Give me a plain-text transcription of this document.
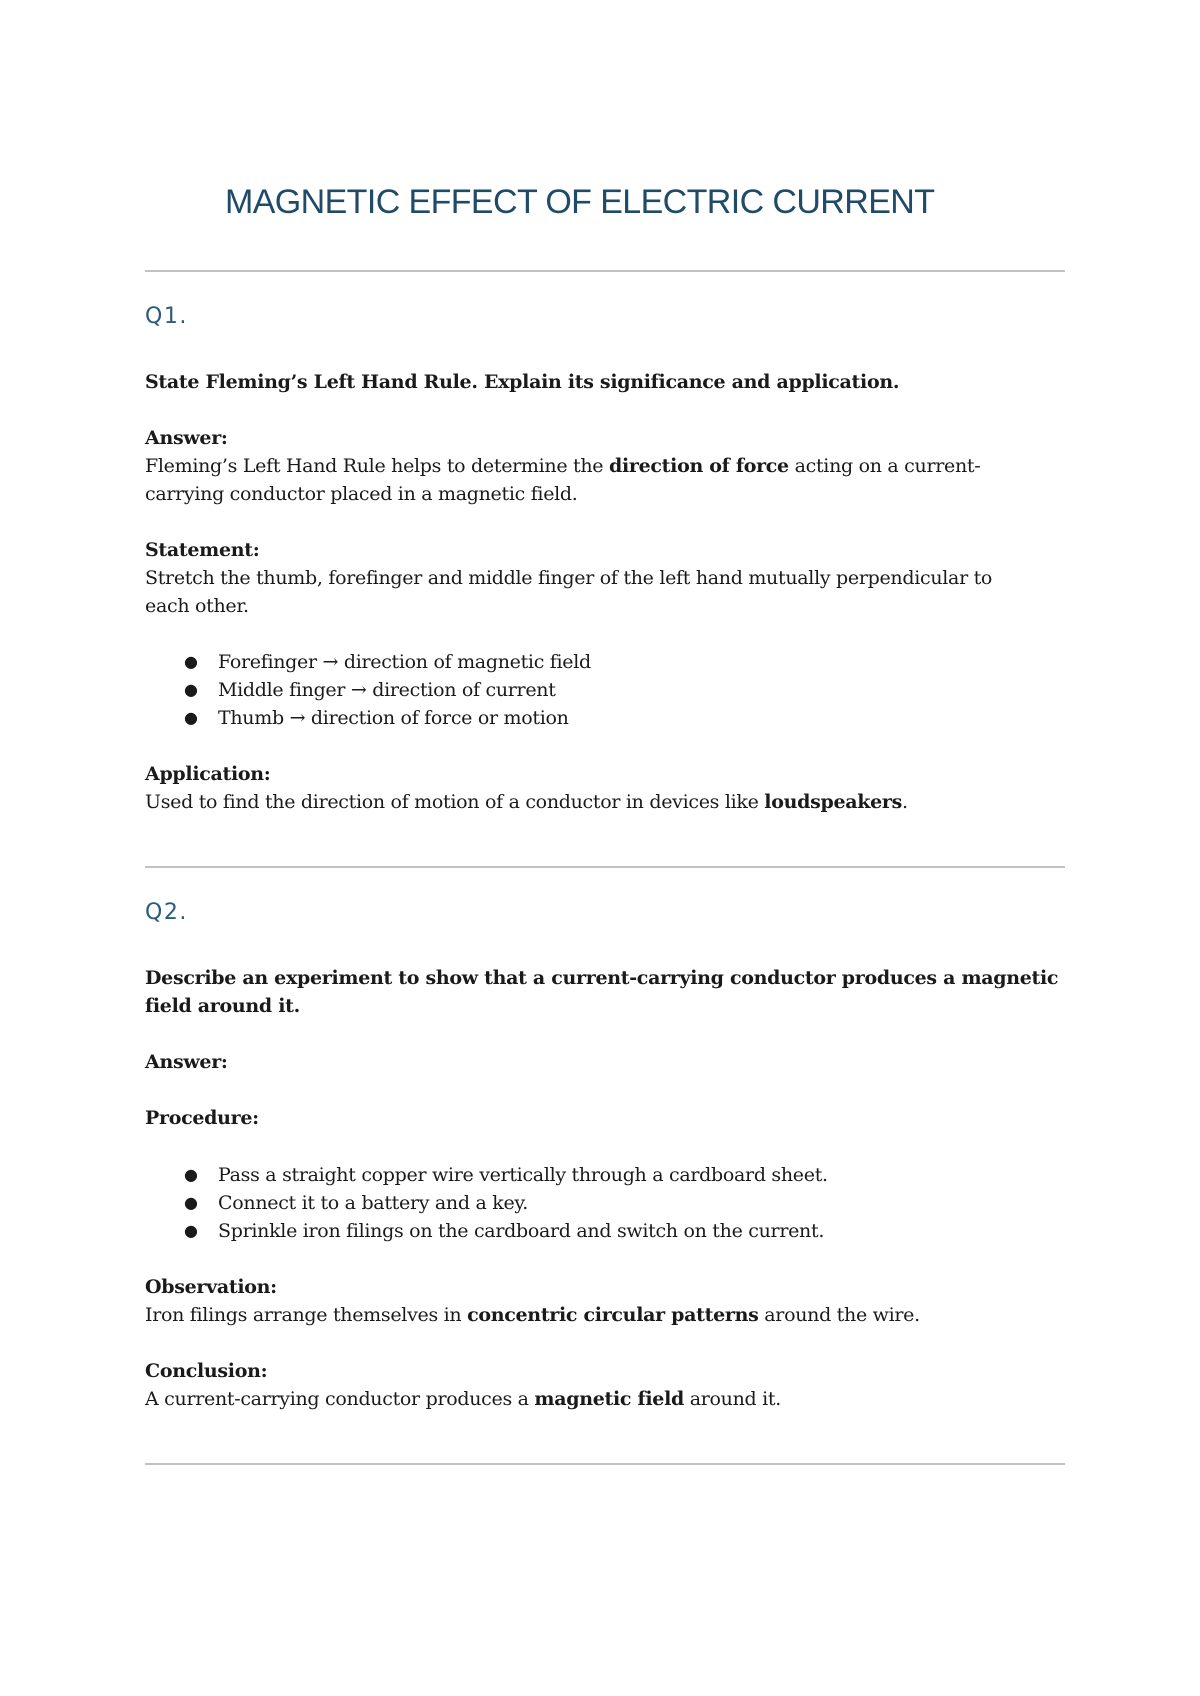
MAGNETIC EFFECT OF ELECTRIC CURRENT
Q1.

State Fleming’s Left Hand Rule. Explain its significance and application.

Answer:

Fleming’s Left Hand Rule helps to determine the direction of force acting on a current-carrying conductor placed in a magnetic field.

Statement:

Stretch the thumb, forefinger and middle finger of the left hand mutually perpendicular to each other.

● Forefinger → direction of magnetic field
● Middle finger → direction of current
● Thumb → direction of force or motion

Application:

Used to find the direction of motion of a conductor in devices like loudspeakers.

Q2.

Describe an experiment to show that a current-carrying conductor produces a magnetic field around it.

Answer:

Procedure:

● Pass a straight copper wire vertically through a cardboard sheet.
● Connect it to a battery and a key.
● Sprinkle iron filings on the cardboard and switch on the current.

Observation:

Iron filings arrange themselves in concentric circular patterns around the wire.

Conclusion:

A current-carrying conductor produces a magnetic field around it.
